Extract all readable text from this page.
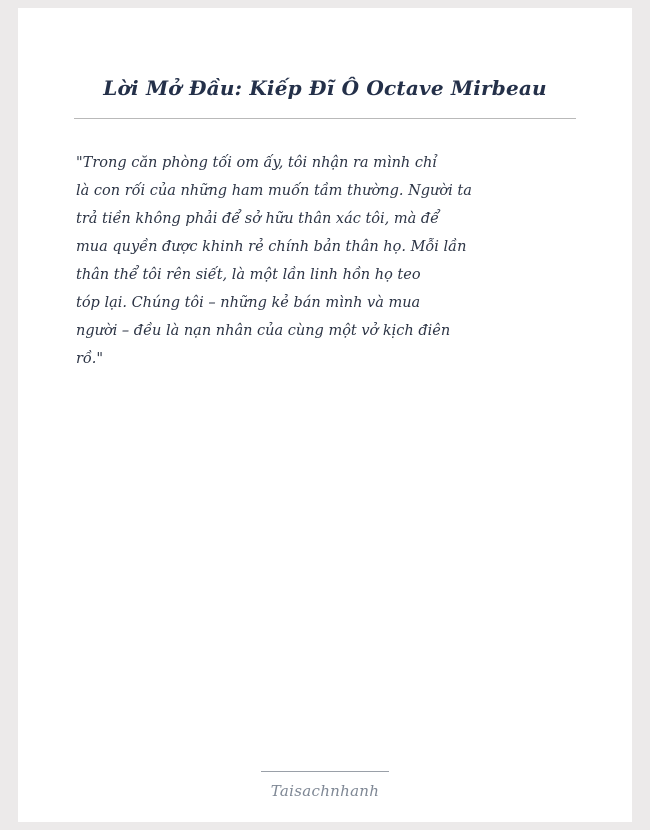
Lời Mở Đầu: Kiếp Đĩ Ô Octave Mirbeau
"Trong căn phòng tối om ấy, tôi nhận ra mình chỉ
là con rối của những ham muốn tầm thường. Người ta
trả tiền không phải để sở hữu thân xác tôi, mà để
mua quyền được khinh rẻ chính bản thân họ. Mỗi lần
thân thể tôi rên siết, là một lần linh hồn họ teo
tóp lại. Chúng tôi – những kẻ bán mình và mua
người – đều là nạn nhân của cùng một vở kịch điên
rồ."
Taisachnhanh
